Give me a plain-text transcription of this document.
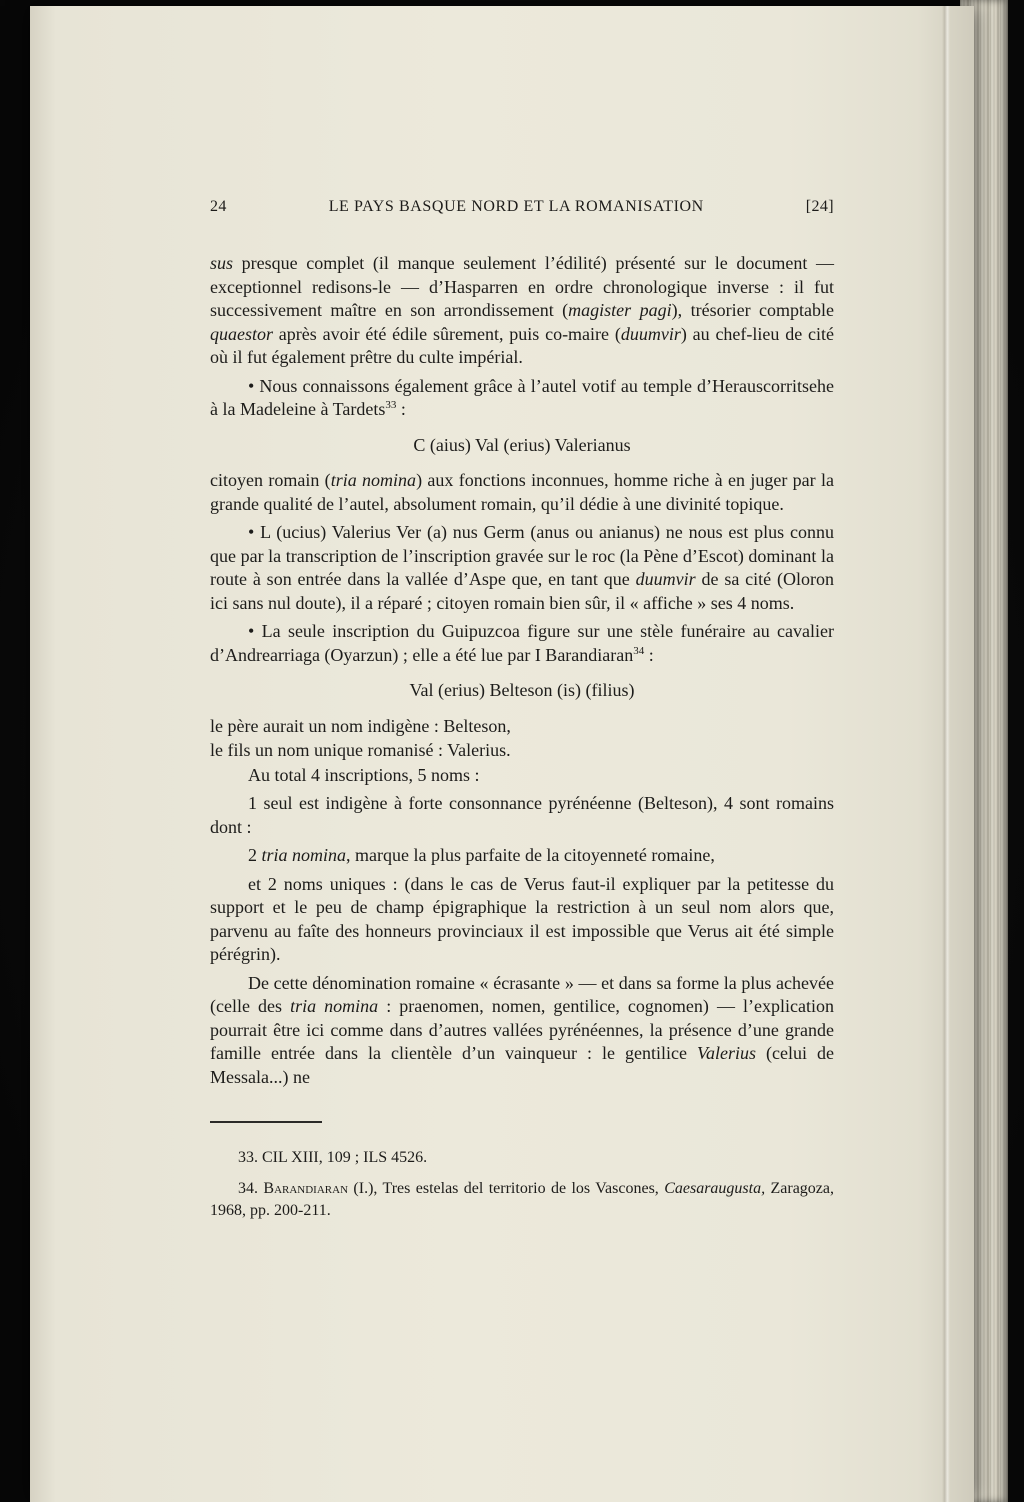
24	LE PAYS BASQUE NORD ET LA ROMANISATION	[24]

sus presque complet (il manque seulement l’édilité) présenté sur le document — exceptionnel redisons-le — d’Hasparren en ordre chronologique inverse : il fut successivement maître en son arrondissement (magister pagi), trésorier comptable quaestor après avoir été édile sûrement, puis co-maire (duumvir) au chef-lieu de cité où il fut également prêtre du culte impérial.

• Nous connaissons également grâce à l’autel votif au temple d’Herauscorritsehe à la Madeleine à Tardets$^{33}$ :

C (aius) Val (erius) Valerianus

citoyen romain (tria nomina) aux fonctions inconnues, homme riche à en juger par la grande qualité de l’autel, absolument romain, qu’il dédie à une divinité topique.

• L (ucius) Valerius Ver (a) nus Germ (anus ou anianus) ne nous est plus connu que par la transcription de l’inscription gravée sur le roc (la Pène d’Escot) dominant la route à son entrée dans la vallée d’Aspe que, en tant que duumvir de sa cité (Oloron ici sans nul doute), il a réparé ; citoyen romain bien sûr, il « affiche » ses 4 noms.

• La seule inscription du Guipuzcoa figure sur une stèle funéraire au cavalier d’Andrearriaga (Oyarzun) ; elle a été lue par I Barandiaran$^{34}$ :

Val (erius) Belteson (is) (filius)

le père aurait un nom indigène : Belteson,

le fils un nom unique romanisé : Valerius.

Au total 4 inscriptions, 5 noms :

1 seul est indigène à forte consonnance pyrénéenne (Belteson), 4 sont romains dont :

2 tria nomina, marque la plus parfaite de la citoyenneté romaine,

et 2 noms uniques : (dans le cas de Verus faut-il expliquer par la petitesse du support et le peu de champ épigraphique la restriction à un seul nom alors que, parvenu au faîte des honneurs provinciaux il est impossible que Verus ait été simple pérégrin).

De cette dénomination romaine « écrasante » — et dans sa forme la plus achevée (celle des tria nomina : praenomen, nomen, gentilice, cognomen) — l’explication pourrait être ici comme dans d’autres vallées pyrénéennes, la présence d’une grande famille entrée dans la clientèle d’un vainqueur : le gentilice Valerius (celui de Messala...) ne

33. CIL XIII, 109 ; ILS 4526.

34. Barandiaran (I.), Tres estelas del territorio de los Vascones, Caesaraugusta, Zaragoza, 1968, pp. 200-211.
